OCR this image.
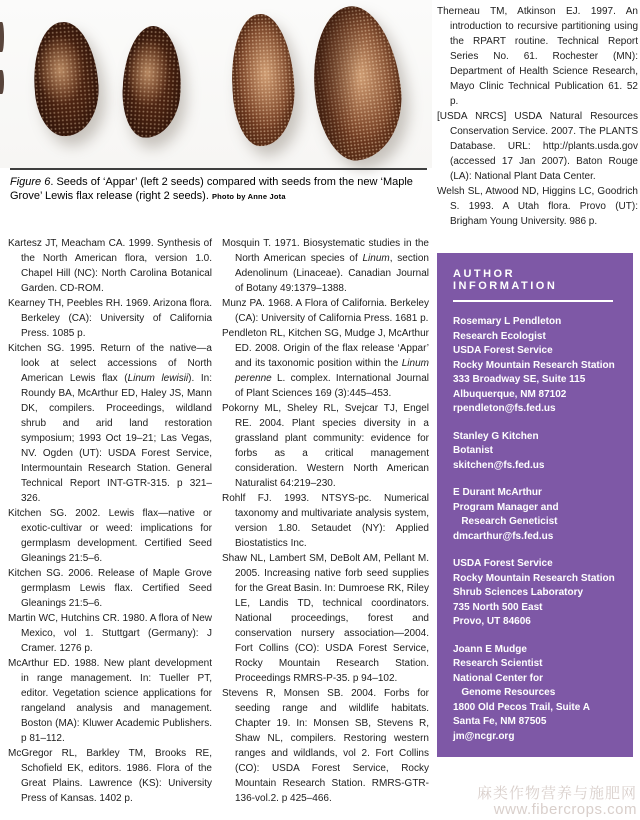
Figure 6. Seeds of ‘Appar’ (left 2 seeds) compared with seeds from the new ‘Maple Grove’ Lewis flax release (right 2 seeds). Photo by Anne Jota

Kartesz JT, Meacham CA. 1999. Synthesis of the North American flora, version 1.0. Chapel Hill (NC): North Carolina Botanical Garden. CD-ROM.

Kearney TH, Peebles RH. 1969. Arizona flora. Berkeley (CA): University of California Press. 1085 p.

Kitchen SG. 1995. Return of the native—a look at select accessions of North American Lewis flax (Linum lewisii). In: Roundy BA, McArthur ED, Haley JS, Mann DK, compilers. Proceedings, wildland shrub and arid land restoration symposium; 1993 Oct 19–21; Las Vegas, NV. Ogden (UT): USDA Forest Service, Intermountain Research Station. General Technical Report INT-GTR-315. p 321–326.

Kitchen SG. 2002. Lewis flax—native or exotic-cultivar or weed: implications for germplasm development. Certified Seed Gleanings 21:5–6.

Kitchen SG. 2006. Release of Maple Grove germplasm Lewis flax. Certified Seed Gleanings 21:5–6.

Martin WC, Hutchins CR. 1980. A flora of New Mexico, vol 1. Stuttgart (Germany): J Cramer. 1276 p.

McArthur ED. 1988. New plant development in range management. In: Tueller PT, editor. Vegetation science applications for rangeland analysis and management. Boston (MA): Kluwer Academic Publishers. p 81–112.

McGregor RL, Barkley TM, Brooks RE, Schofield EK, editors. 1986. Flora of the Great Plains. Lawrence (KS): University Press of Kansas. 1402 p.

Mosquin T. 1971. Biosystematic studies in the North American species of Linum, section Adenolinum (Linaceae). Canadian Journal of Botany 49:1379–1388.

Munz PA. 1968. A Flora of California. Berkeley (CA): University of California Press. 1681 p.

Pendleton RL, Kitchen SG, Mudge J, McArthur ED. 2008. Origin of the flax release ‘Appar’ and its taxonomic position within the Linum perenne L. complex. International Journal of Plant Sciences 169 (3):445–453.

Pokorny ML, Sheley RL, Svejcar TJ, Engel RE. 2004. Plant species diversity in a grassland plant community: evidence for forbs as a critical management consideration. Western North American Naturalist 64:219–230.

Rohlf FJ. 1993. NTSYS-pc. Numerical taxonomy and multivariate analysis system, version 1.80. Setaudet (NY): Applied Biostatistics Inc.

Shaw NL, Lambert SM, DeBolt AM, Pellant M. 2005. Increasing native forb seed supplies for the Great Basin. In: Dumroese RK, Riley LE, Landis TD, technical coordinators. National proceedings, forest and conservation nursery association—2004. Fort Collins (CO): USDA Forest Service, Rocky Mountain Research Station. Proceedings RMRS-P-35. p 94–102.

Stevens R, Monsen SB. 2004. Forbs for seeding range and wildlife habitats. Chapter 19. In: Monsen SB, Stevens R, Shaw NL, compilers. Restoring western ranges and wildlands, vol 2. Fort Collins (CO): USDA Forest Service, Rocky Mountain Research Station. RMRS-GTR-136-vol.2. p 425–466.

Therneau TM, Atkinson EJ. 1997. An introduction to recursive partitioning using the RPART routine. Technical Report Series No. 61. Rochester (MN): Department of Health Science Research, Mayo Clinic Technical Publication 61. 52 p.

[USDA NRCS] USDA Natural Resources Conservation Service. 2007. The PLANTS Database. URL: http://plants.usda.gov (accessed 17 Jan 2007). Baton Rouge (LA): National Plant Data Center.

Welsh SL, Atwood ND, Higgins LC, Goodrich S. 1993. A Utah flora. Provo (UT): Brigham Young University. 986 p.

AUTHOR INFORMATION
Rosemary L Pendleton
Research Ecologist
USDA Forest Service
Rocky Mountain Research Station
333 Broadway SE, Suite 115
Albuquerque, NM 87102
rpendleton@fs.fed.us
Stanley G Kitchen
Botanist
skitchen@fs.fed.us
E Durant McArthur
Program Manager and
Research Geneticist
dmcarthur@fs.fed.us
USDA Forest Service
Rocky Mountain Research Station
Shrub Sciences Laboratory
735 North 500 East
Provo, UT 84606
Joann E Mudge
Research Scientist
National Center for
Genome Resources
1800 Old Pecos Trail, Suite A
Santa Fe, NM 87505
jm@ncgr.org
麻类作物营养与施肥网
www.fibercrops.com
